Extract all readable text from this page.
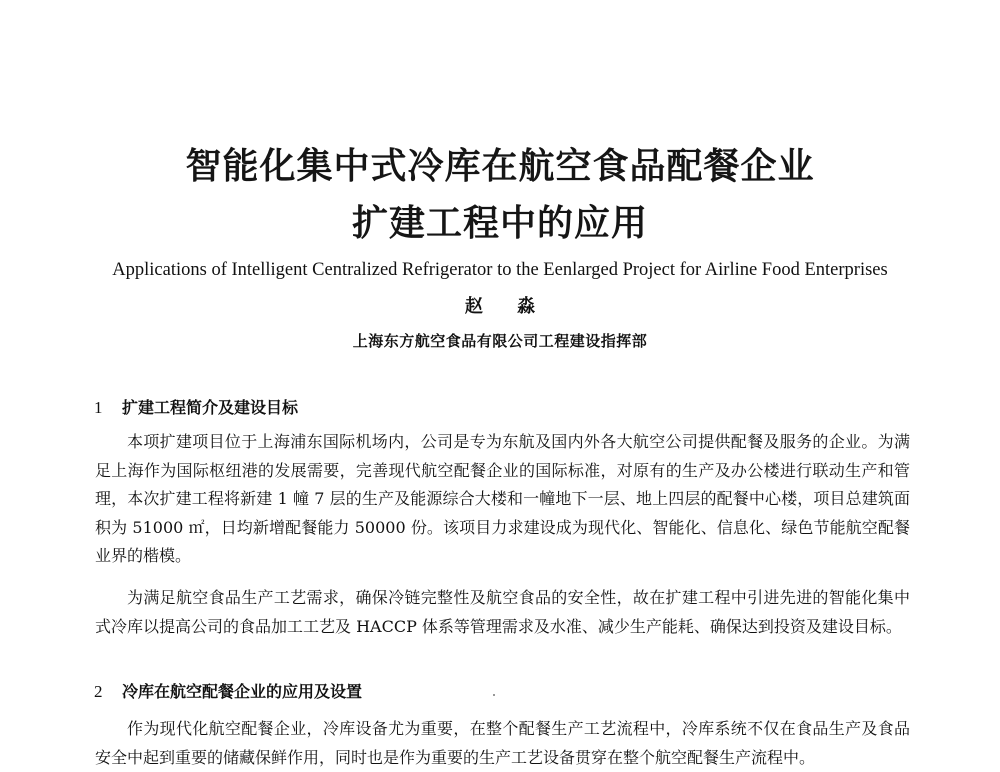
智能化集中式冷库在航空食品配餐企业
扩建工程中的应用
Applications of Intelligent Centralized Refrigerator to the Eenlarged Project for Airline Food Enterprises
赵 淼
上海东方航空食品有限公司工程建设指挥部
1 扩建工程简介及建设目标

本项扩建项目位于上海浦东国际机场内，公司是专为东航及国内外各大航空公司提供配餐及服务的企业。为满足上海作为国际枢纽港的发展需要，完善现代航空配餐企业的国际标准，对原有的生产及办公楼进行联动生产和管理，本次扩建工程将新建 1 幢 7 层的生产及能源综合大楼和一幢地下一层、地上四层的配餐中心楼，项目总建筑面积为 51000 ㎡，日均新增配餐能力 50000 份。该项目力求建设成为现代化、智能化、信息化、绿色节能航空配餐业界的楷模。

为满足航空食品生产工艺需求，确保冷链完整性及航空食品的安全性，故在扩建工程中引进先进的智能化集中式冷库以提高公司的食品加工工艺及 HACCP 体系等管理需求及水准、减少生产能耗、确保达到投资及建设目标。

2 冷库在航空配餐企业的应用及设置

作为现代化航空配餐企业，冷库设备尤为重要，在整个配餐生产工艺流程中，冷库系统不仅在食品生产及食品安全中起到重要的储藏保鲜作用，同时也是作为重要的生产工艺设备贯穿在整个航空配餐生产流程中。
